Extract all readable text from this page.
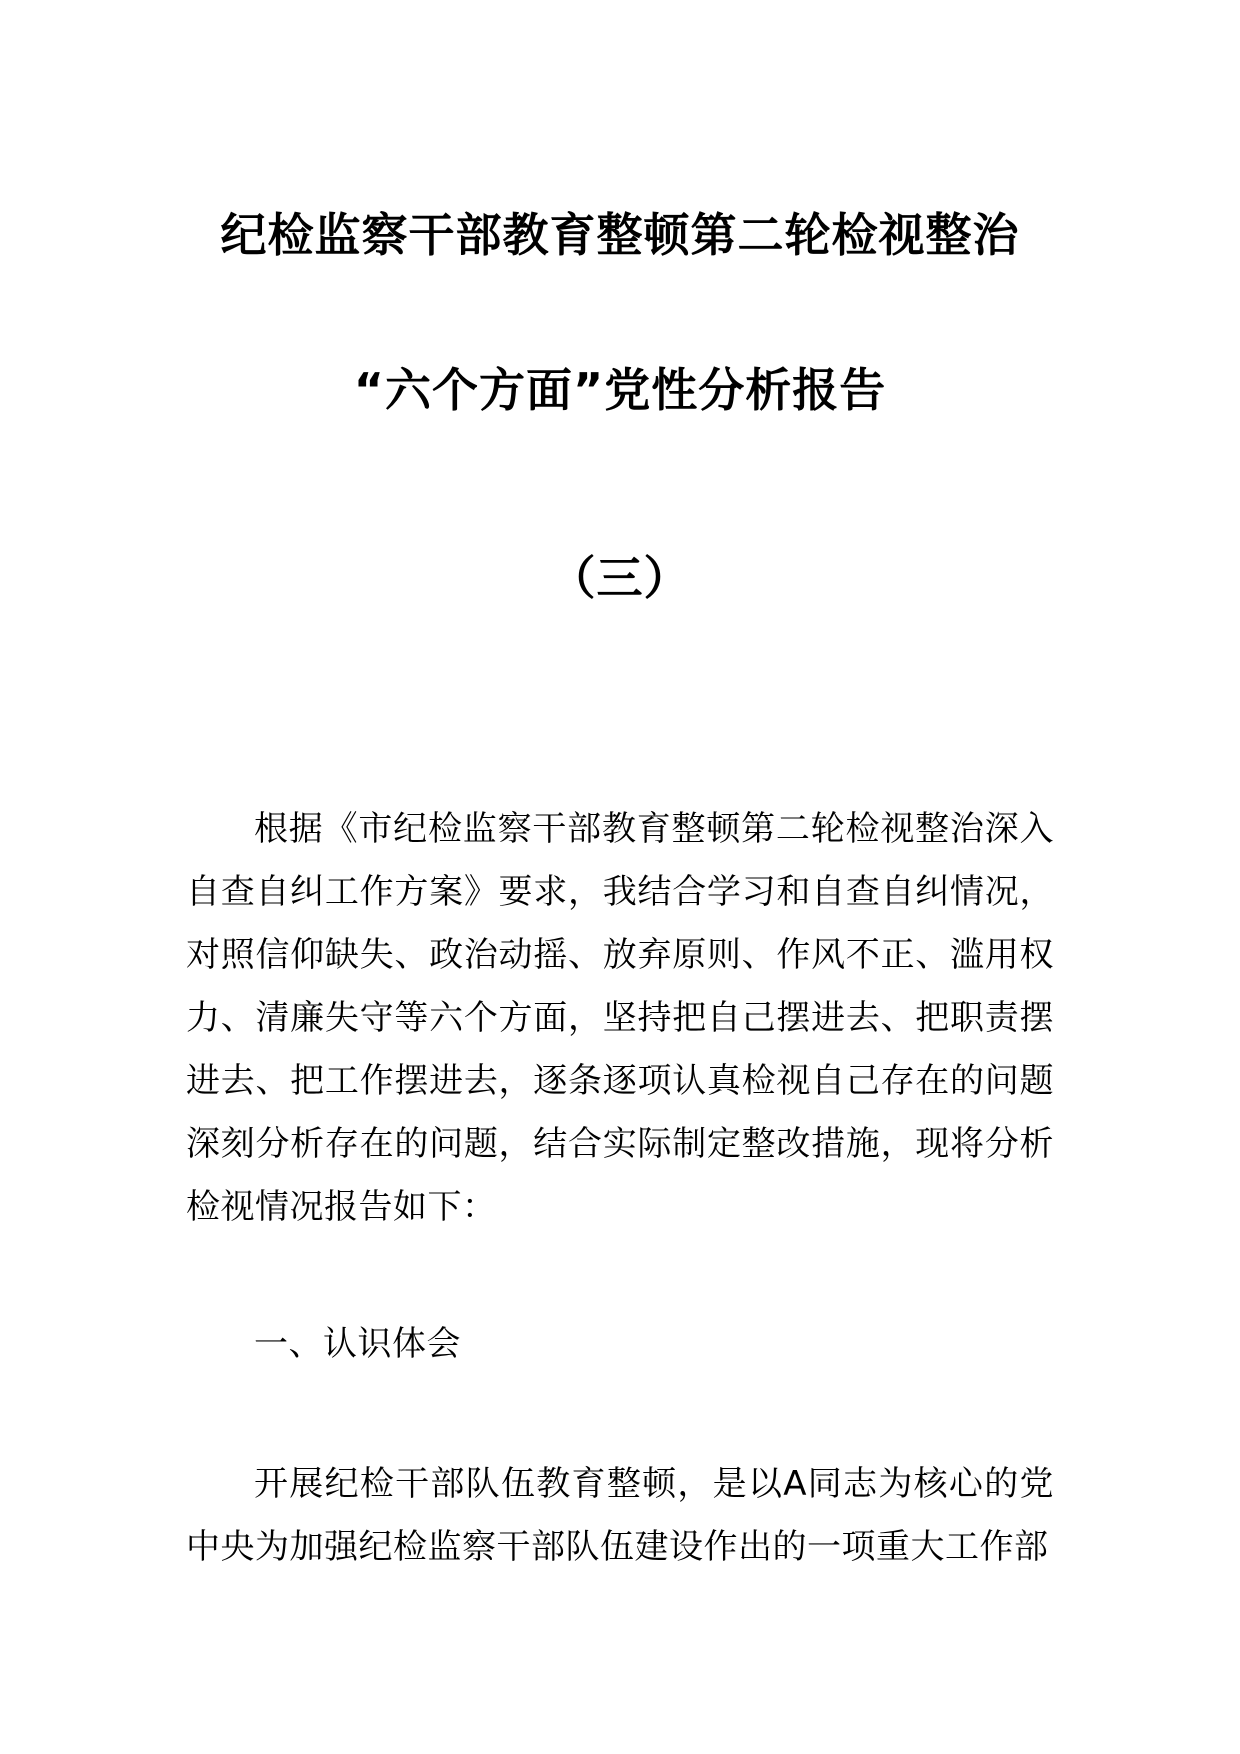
纪检监察干部教育整顿第二轮检视整治
“六个方面”党性分析报告
（三）
根据《市纪检监察干部教育整顿第二轮检视整治深入自查自纠工作方案》要求，我结合学习和自查自纠情况，对照信仰缺失、政治动摇、放弃原则、作风不正、滥用权力、清廉失守等六个方面，坚持把自己摆进去、把职责摆进去、把工作摆进去，逐条逐项认真检视自己存在的问题深刻分析存在的问题，结合实际制定整改措施，现将分析检视情况报告如下：
一、认识体会
开展纪检干部队伍教育整顿，是以A同志为核心的党中央为加强纪检监察干部队伍建设作出的一项重大工作部
